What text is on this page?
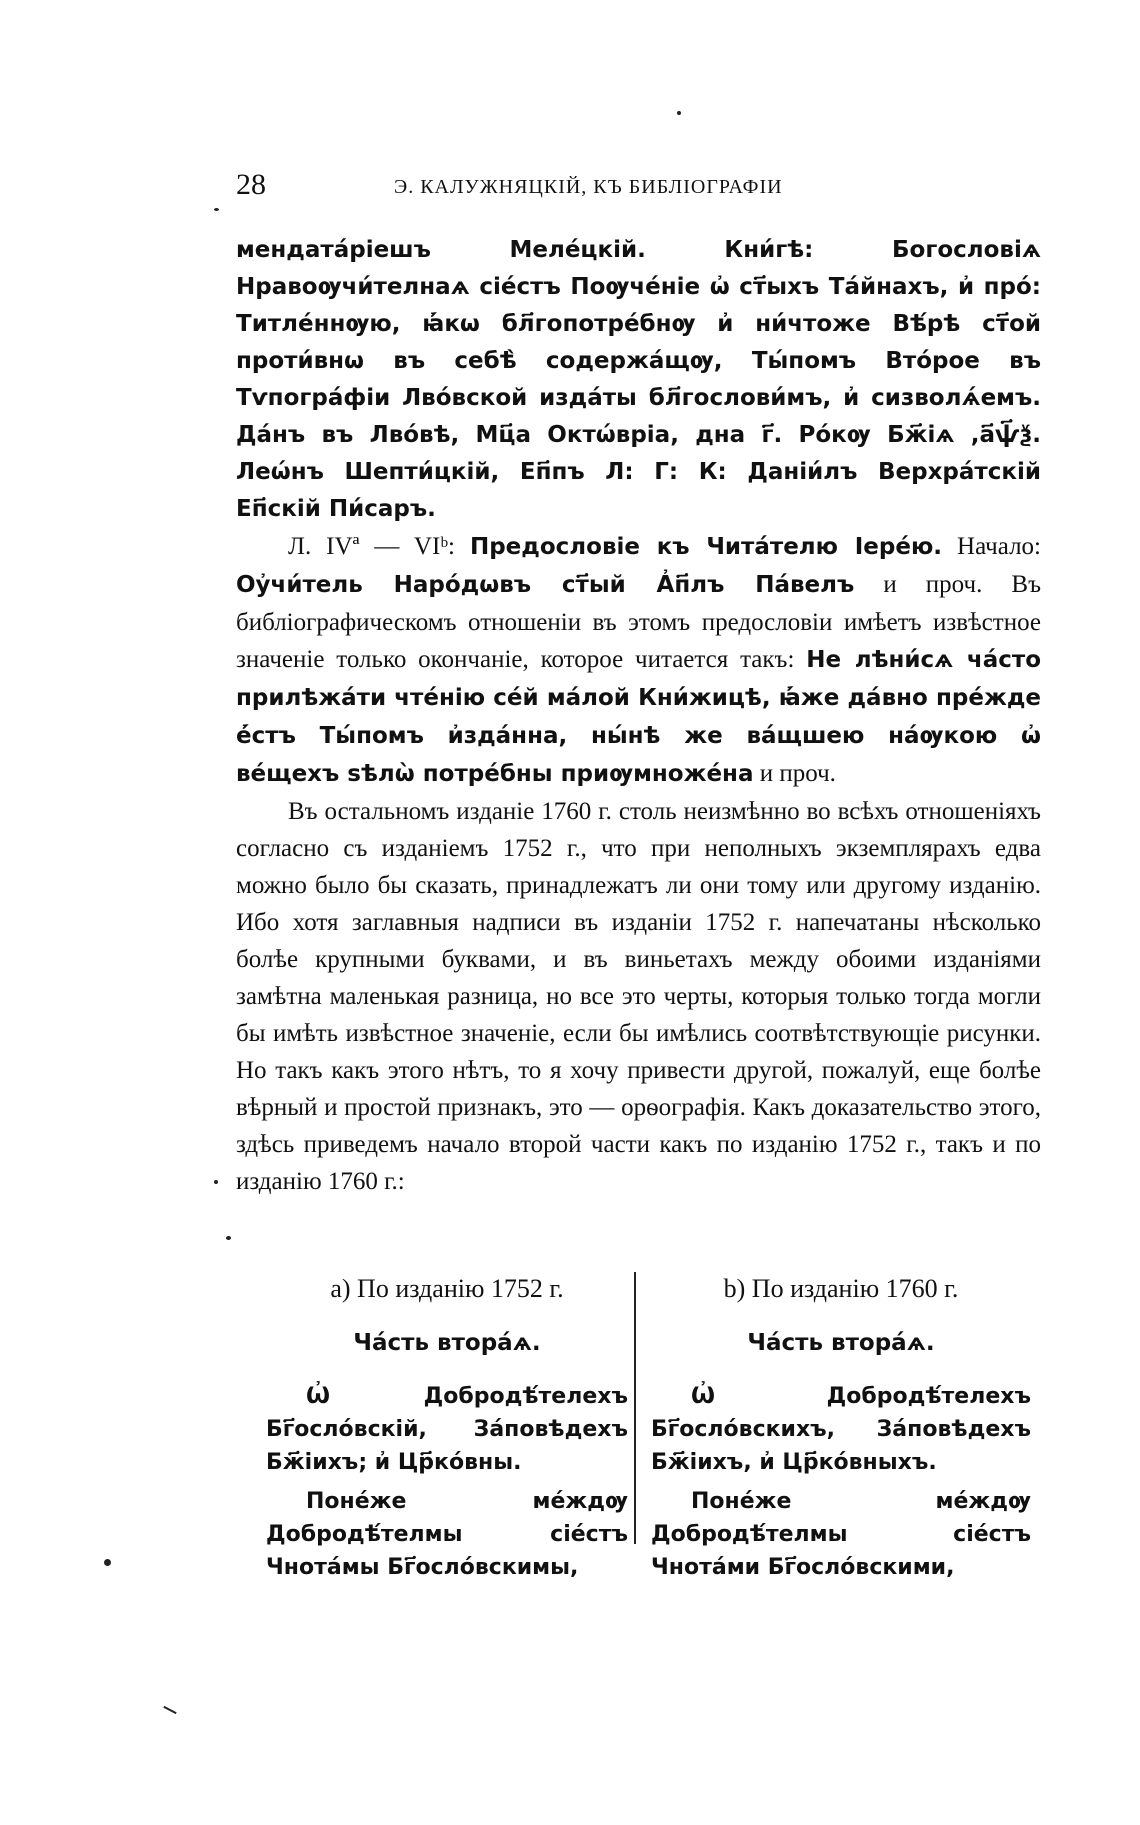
28	Э. КАЛУЖНЯЦКІЙ, КЪ БИБЛІОГРАФІИ

мендатáріешъ Мелéцкій. Кни́гѣ: Богословіѧ Нравоѹчи́телнаѧ сіе́стъ Поѹче́ніе ѡ҆ ст҃ыхъ Та́йнахъ, и҆ про́: Титле́ннѹю, ꙗ҆́кѡ бл҃гопотре́бнѹ и҆ ни́чтоже Вѣ́рѣ ст҃ой проти́внѡ въ себѣ̀ содержа́щѹ, Ты́помъ Вто́рое въ Тѵпогра́фіи Лво́вской изда́ты бл҃гослови́мъ, и҆ сизволѧ́емъ. Да́нъ въ Лво́вѣ, Мц҃а Октѡ́вріа, дна г҃. Ро́кѹ Бж҃іѧ ,а҃ѱ҃ѯ. Леѡ́нъ Шепти́цкій, Еп҃пъ Л: Г: К: Даніи́лъ Верхра́тскій Еп҃скій Пи́саръ.

Л. IVª — VIᵇ: Предословіе къ Чита́телю Іере́ю. Начало: Оу҆чи́тель Наро́дѡвъ ст҃ый А҆п҃лъ Па́велъ и проч. Въ библіографическомъ отношеніи въ этомъ предословіи имѣетъ извѣстное значеніе только окончаніе, которое читается такъ: Не лѣни́сѧ ча́сто прилѣжа́ти чте́нію се́й ма́лой Кни́жицѣ, ꙗ҆́же да́вно пре́жде е҆́стъ Ты́помъ и҆зда́нна, ны́нѣ же ва́щшею на́ѹкою ѡ҆ ве́щехъ ѕѣлѡ̀ потре́бны приѹмноже́на и проч.

Въ остальномъ изданіе 1760 г. столь неизмѣнно во всѣхъ отношеніяхъ согласно съ изданіемъ 1752 г., что при неполныхъ экземплярахъ едва можно было бы сказать, принадлежатъ ли они тому или другому изданію. Ибо хотя заглавныя надписи въ изданіи 1752 г. напечатаны нѣсколько болѣе крупными буквами, и въ виньетахъ между обоими изданіями замѣтна маленькая разница, но все это черты, которыя только тогда могли бы имѣть извѣстное значеніе, если бы имѣлись соотвѣтствующіе рисунки. Но такъ какъ этого нѣтъ, то я хочу привести другой, пожалуй, еще болѣе вѣрный и простой признакъ, это — орѳографія. Какъ доказательство этого, здѣсь приведемъ начало второй части какъ по изданію 1752 г., такъ и по изданію 1760 г.:

a) По изданію 1752 г.
Ча́сть втора́ѧ.

Ѡ҆ Добродѣ́телехъ Бг҃осло́вскій, За́повѣдехъ Бж҃іихъ; и҆ Цр҃ко́вны.

Поне́же ме́ждѹ Добродѣ́телмы сіе́стъ Чнота́мы Бг҃осло́вскимы,

b) По изданію 1760 г.
Ча́сть втора́ѧ.

Ѡ҆ Добродѣ́телехъ Бг҃осло́вскихъ, За́повѣдехъ Бж҃іихъ, и҆ Цр҃ко́вныхъ.

Поне́же ме́ждѹ Добродѣ́телмы сіе́стъ Чнота́ми Бг҃осло́вскими,
